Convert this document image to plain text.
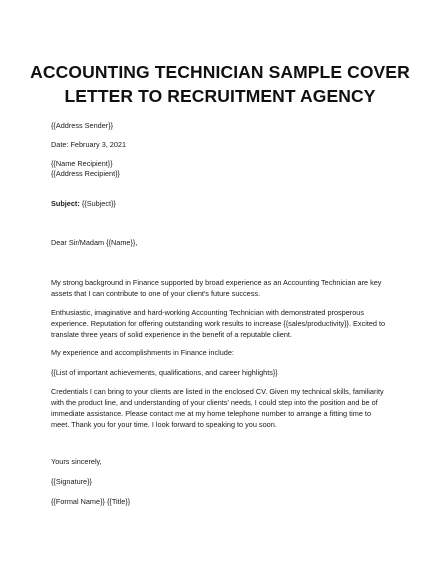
ACCOUNTING TECHNICIAN SAMPLE COVER
LETTER TO RECRUITMENT AGENCY

{{Address Sender}}

Date: February 3, 2021

{{Name Recipient}}

{{Address Recipient}}

Subject: {{Subject}}

Dear Sir/Madam {{Name}},

My strong background in Finance supported by broad experience as an Accounting Technician are key
assets that I can contribute to one of your client's future success.

Enthusiastic, imaginative and hard-working Accounting Technician with demonstrated prosperous
experience. Reputation for offering outstanding work results to increase {{sales/productivity}}. Excited to
translate three years of solid experience in the benefit of a reputable client.

My experience and accomplishments in Finance include:

{{List of important achievements, qualifications, and career highlights}}

Credentials I can bring to your clients are listed in the enclosed CV. Given my technical skills, familiarity
with the product line, and understanding of your clients' needs, I could step into the position and be of
immediate assistance. Please contact me at my home telephone number to arrange a fitting time to
meet. Thank you for your time. I look forward to speaking to you soon.

Yours sincerely,

{{Signature}}

{{Formal Name}} {{Title}}
